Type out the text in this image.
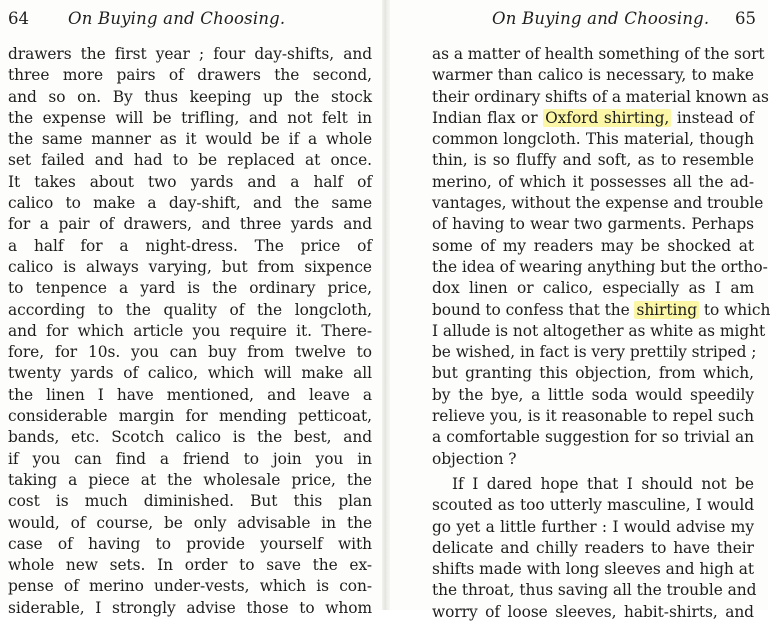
64 On Buying and Choosing.
drawers the first year ; four day-shifts, and
three more pairs of drawers the second,
and so on. By thus keeping up the stock
the expense will be trifling, and not felt in
the same manner as it would be if a whole
set failed and had to be replaced at once.
It takes about two yards and a half of
calico to make a day-shift, and the same
for a pair of drawers, and three yards and
a half for a night-dress. The price of
calico is always varying, but from sixpence
to tenpence a yard is the ordinary price,
according to the quality of the longcloth,
and for which article you require it. There-
fore, for 10s. you can buy from twelve to
twenty yards of calico, which will make all
the linen I have mentioned, and leave a
considerable margin for mending petticoat,
bands, etc. Scotch calico is the best, and
if you can find a friend to join you in
taking a piece at the wholesale price, the
cost is much diminished. But this plan
would, of course, be only advisable in the
case of having to provide yourself with
whole new sets. In order to save the ex-
pense of merino under-vests, which is con-
siderable, I strongly advise those to whom
On Buying and Choosing. 65
as a matter of health something of the sort
warmer than calico is necessary, to make
their ordinary shifts of a material known as
Indian flax or Oxford shirting, instead of
common longcloth. This material, though
thin, is so fluffy and soft, as to resemble
merino, of which it possesses all the ad-
vantages, without the expense and trouble
of having to wear two garments. Perhaps
some of my readers may be shocked at
the idea of wearing anything but the ortho-
dox linen or calico, especially as I am
bound to confess that the shirting to which
I allude is not altogether as white as might
be wished, in fact is very prettily striped ;
but granting this objection, from which,
by the bye, a little soda would speedily
relieve you, is it reasonable to repel such
a comfortable suggestion for so trivial an
objection ?
If I dared hope that I should not be
scouted as too utterly masculine, I would
go yet a little further : I would advise my
delicate and chilly readers to have their
shifts made with long sleeves and high at
the throat, thus saving all the trouble and
worry of loose sleeves, habit-shirts, and
